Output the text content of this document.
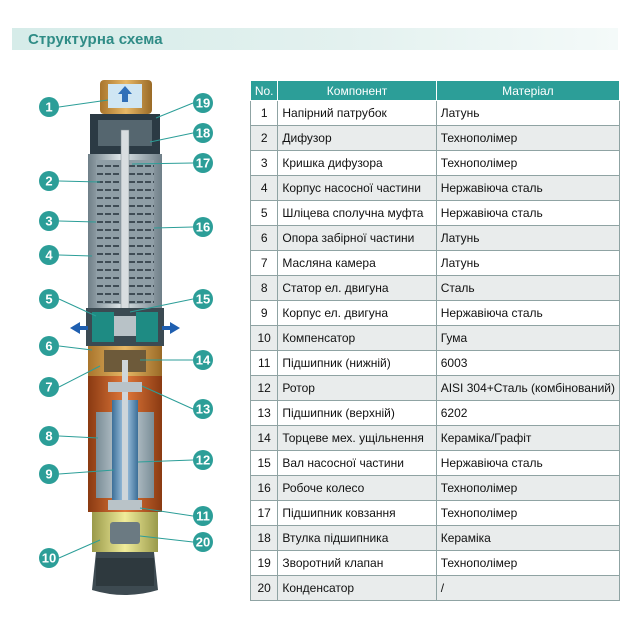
Структурна схема
1
2
3
4
5
6
7
8
9
10
11
12
13
14
15
16
17
18
19
20
No.	Компонент	Матеріал
1	Напірний патрубок	Латунь
2	Дифузор	Технополімер
3	Кришка дифузора	Технополімер
4	Корпус насосної частини	Нержавіюча сталь
5	Шліцева сполучна муфта	Нержавіюча сталь
6	Опора забірної частини	Латунь
7	Масляна камера	Латунь
8	Статор ел. двигуна	Сталь
9	Корпус ел. двигуна	Нержавіюча сталь
10	Компенсатор	Гума
11	Підшипник (нижній)	6003
12	Ротор	AISI 304+Сталь (комбінований)
13	Підшипник (верхній)	6202
14	Торцеве мех. ущільнення	Кераміка/Графіт
15	Вал насосної частини	Нержавіюча сталь
16	Робоче колесо	Технополімер
17	Підшипник ковзання	Технополімер
18	Втулка підшипника	Кераміка
19	Зворотний клапан	Технополімер
20	Конденсатор	/
